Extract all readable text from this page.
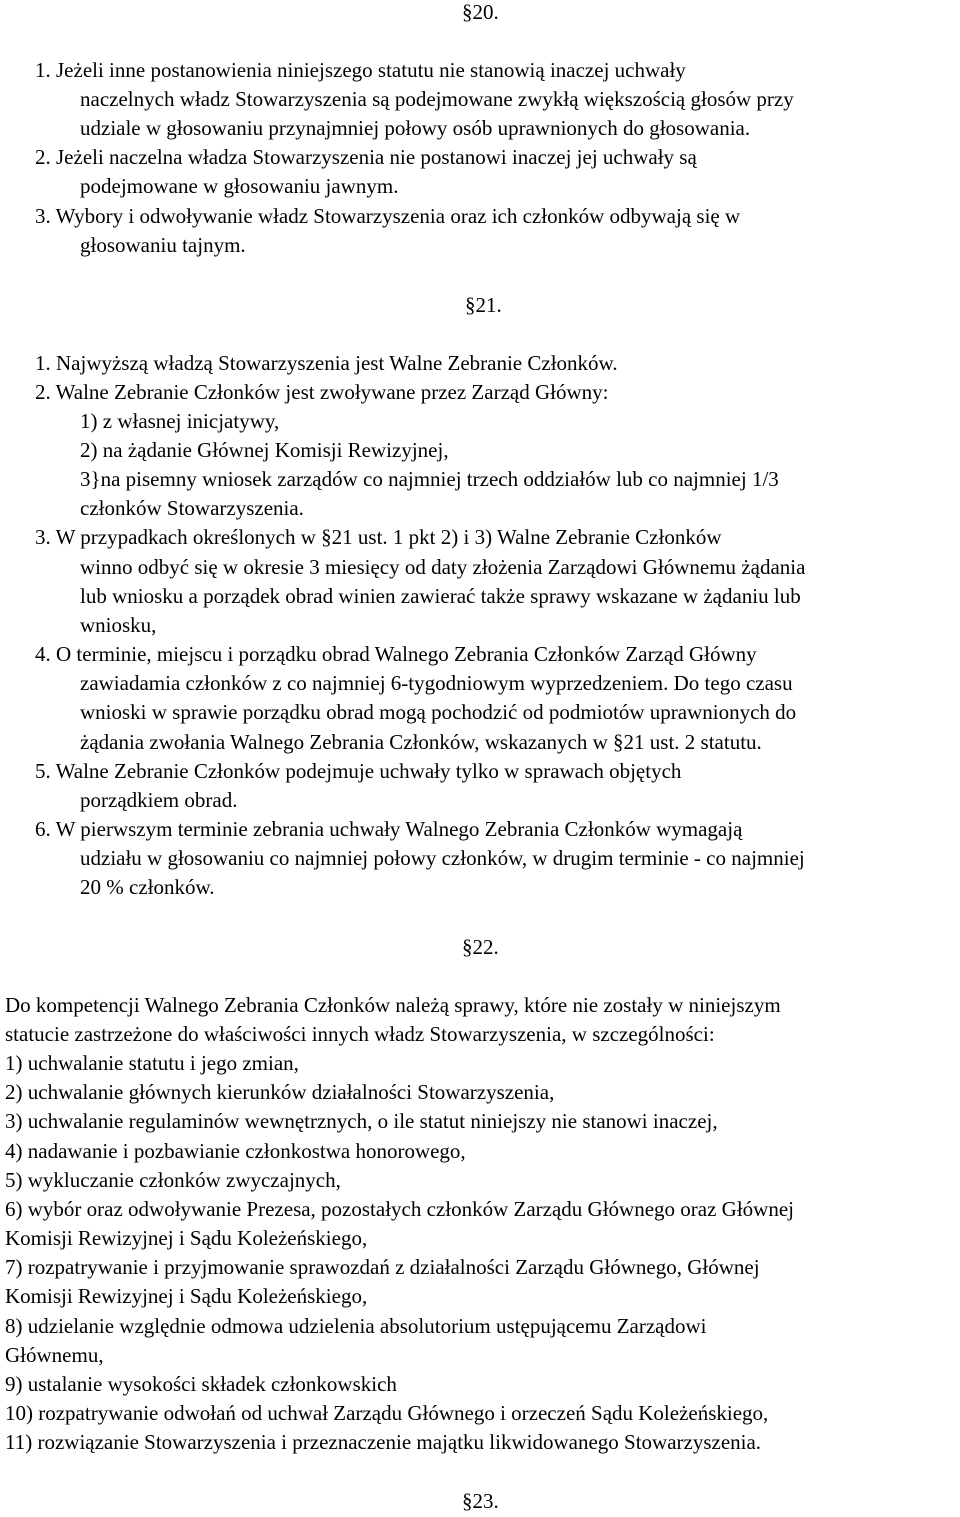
§20.
1. Jeżeli inne postanowienia niniejszego statutu nie stanowią inaczej uchwały
naczelnych władz Stowarzyszenia są podejmowane zwykłą większością głosów przy
udziale w głosowaniu przynajmniej połowy osób uprawnionych do głosowania.
2. Jeżeli naczelna władza Stowarzyszenia nie postanowi inaczej jej uchwały są
podejmowane w głosowaniu jawnym.
3. Wybory i odwoływanie władz Stowarzyszenia oraz ich członków odbywają się w
głosowaniu tajnym.
§21.
1. Najwyższą władzą Stowarzyszenia jest Walne Zebranie Członków.
2. Walne Zebranie Członków jest zwoływane przez Zarząd Główny:
1) z własnej inicjatywy,
2) na żądanie Głównej Komisji Rewizyjnej,
3}na pisemny wniosek zarządów co najmniej trzech oddziałów lub co najmniej 1/3
członków Stowarzyszenia.
3. W przypadkach określonych w §21 ust. 1 pkt 2) i 3) Walne Zebranie Członków
winno odbyć się w okresie 3 miesięcy od daty złożenia Zarządowi Głównemu żądania
lub wniosku a porządek obrad winien zawierać także sprawy wskazane w żądaniu lub
wniosku,
4. O terminie, miejscu i porządku obrad Walnego Zebrania Członków Zarząd Główny
zawiadamia członków z co najmniej 6-tygodniowym wyprzedzeniem. Do tego czasu
wnioski w sprawie porządku obrad mogą pochodzić od podmiotów uprawnionych do
żądania zwołania Walnego Zebrania Członków, wskazanych w §21 ust. 2 statutu.
5. Walne Zebranie Członków podejmuje uchwały tylko w sprawach objętych
porządkiem obrad.
6. W pierwszym terminie zebrania uchwały Walnego Zebrania Członków wymagają
udziału w głosowaniu co najmniej połowy członków, w drugim terminie - co najmniej
20 % członków.
§22.
Do kompetencji Walnego Zebrania Członków należą sprawy, które nie zostały w niniejszym
statucie zastrzeżone do właściwości innych władz Stowarzyszenia, w szczególności:
1) uchwalanie statutu i jego zmian,
2) uchwalanie głównych kierunków działalności Stowarzyszenia,
3) uchwalanie regulaminów wewnętrznych, o ile statut niniejszy nie stanowi inaczej,
4) nadawanie i pozbawianie członkostwa honorowego,
5) wykluczanie członków zwyczajnych,
6) wybór oraz odwoływanie Prezesa, pozostałych członków Zarządu Głównego oraz Głównej
Komisji Rewizyjnej i Sądu Koleżeńskiego,
7) rozpatrywanie i przyjmowanie sprawozdań z działalności Zarządu Głównego, Głównej
Komisji Rewizyjnej i Sądu Koleżeńskiego,
8) udzielanie względnie odmowa udzielenia absolutorium ustępującemu Zarządowi
Głównemu,
9) ustalanie wysokości składek członkowskich
10) rozpatrywanie odwołań od uchwał Zarządu Głównego i orzeczeń Sądu Koleżeńskiego,
11) rozwiązanie Stowarzyszenia i przeznaczenie majątku likwidowanego Stowarzyszenia.
§23.
